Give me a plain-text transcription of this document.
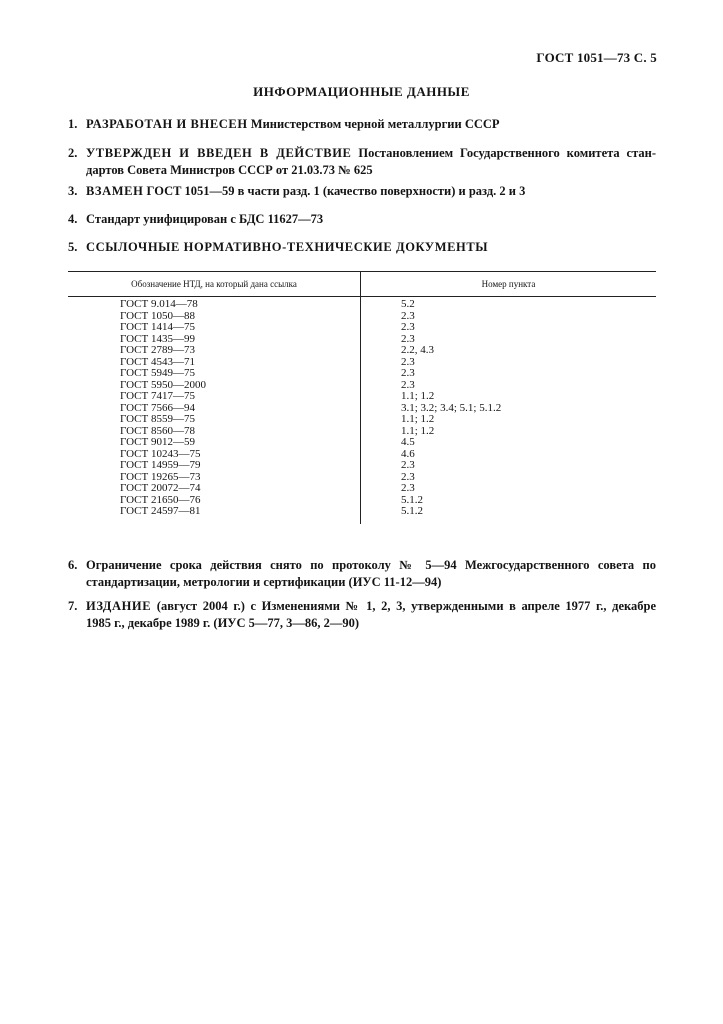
ГОСТ 1051—73 С. 5
ИНФОРМАЦИОННЫЕ ДАННЫЕ
1. РАЗРАБОТАН И ВНЕСЕН Министерством черной металлургии СССР
2. УТВЕРЖДЕН И ВВЕДЕН В ДЕЙСТВИЕ Постановлением Государственного комитета стан-
дартов Совета Министров СССР от 21.03.73 № 625
3. ВЗАМЕН ГОСТ 1051—59 в части разд. 1 (качество поверхности) и разд. 2 и 3
4. Стандарт унифицирован с БДС 11627—73
5. ССЫЛОЧНЫЕ НОРМАТИВНО-ТЕХНИЧЕСКИЕ ДОКУМЕНТЫ
Обозначение НТД, на который дана ссылка	Номер пункта
ГОСТ 9.014—78
ГОСТ 1050—88
ГОСТ 1414—75
ГОСТ 1435—99
ГОСТ 2789—73
ГОСТ 4543—71
ГОСТ 5949—75
ГОСТ 5950—2000
ГОСТ 7417—75
ГОСТ 7566—94
ГОСТ 8559—75
ГОСТ 8560—78
ГОСТ 9012—59
ГОСТ 10243—75
ГОСТ 14959—79
ГОСТ 19265—73
ГОСТ 20072—74
ГОСТ 21650—76
ГОСТ 24597—81
5.2
2.3
2.3
2.3
2.2, 4.3
2.3
2.3
2.3
1.1; 1.2
3.1; 3.2; 3.4; 5.1; 5.1.2
1.1; 1.2
1.1; 1.2
4.5
4.6
2.3
2.3
2.3
5.1.2
5.1.2
6. Ограничение срока действия снято по протоколу № 5—94 Межгосударственного совета по
стандартизации, метрологии и сертификации (ИУС 11-12—94)
7. ИЗДАНИЕ (август 2004 г.) с Изменениями № 1, 2, 3, утвержденными в апреле 1977 г., декабре
1985 г., декабре 1989 г. (ИУС 5—77, 3—86, 2—90)
